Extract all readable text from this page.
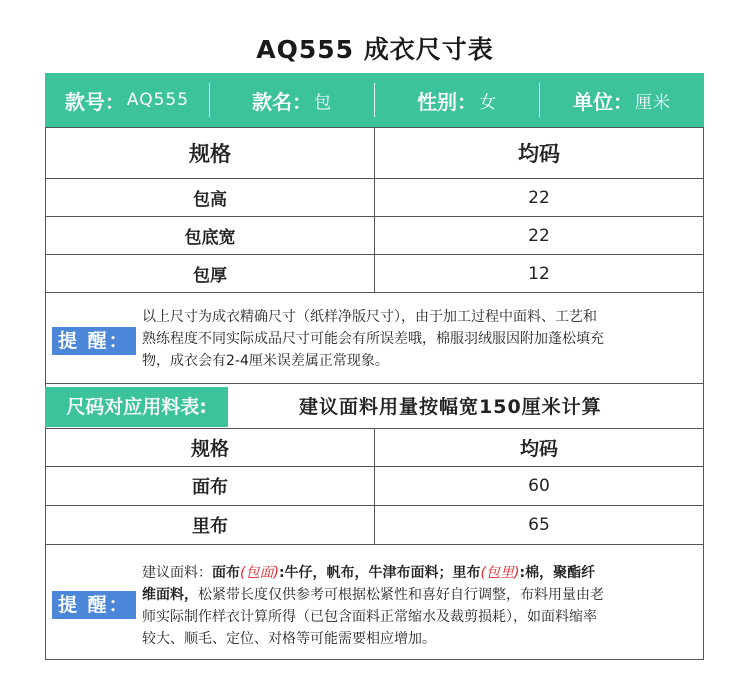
AQ555 成衣尺寸表
款号： AQ555	款名： 包	性别： 女	单位： 厘米
规格	均码
包高	22
包底宽	22
包厚	12
提 醒：
以上尺寸为成衣精确尺寸（纸样净版尺寸），由于加工过程中面料、工艺和
熟练程度不同实际成品尺寸可能会有所误差哦，棉服羽绒服因附加蓬松填充
物，成衣会有2-4厘米误差属正常现象。
尺码对应用料表:	建议面料用量按幅宽150厘米计算
规格	均码
面布	60
里布	65
提 醒：
建议面料：面布(包面):牛仔，帆布，牛津布面料；里布(包里):棉，聚酯纤
维面料，松紧带长度仅供参考可根据松紧性和喜好自行调整，布料用量由老
师实际制作样衣计算所得（已包含面料正常缩水及裁剪损耗），如面料缩率
较大、顺毛、定位、对格等可能需要相应增加。
